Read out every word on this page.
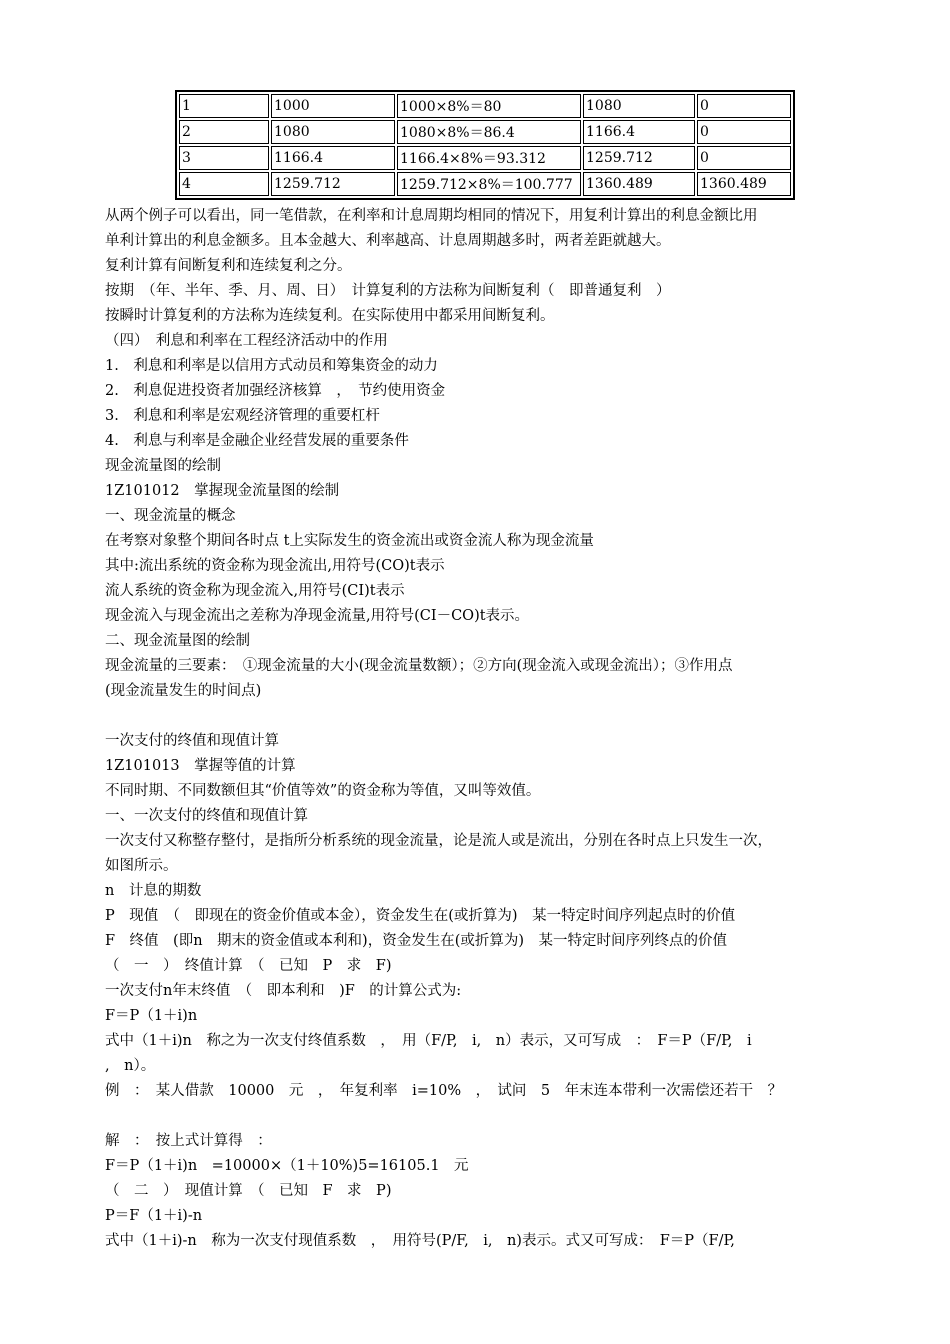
1	1000	1000×8%＝80	1080	0
2	1080	1080×8%＝86.4	1166.4	0
3	1166.4	1166.4×8%＝93.312	1259.712	0
4	1259.712	1259.712×8%＝100.777	1360.489	1360.489
从两个例子可以看出，同一笔借款，在利率和计息周期均相同的情况下，用复利计算出的利息金额比用
单利计算出的利息金额多。且本金越大、利率越高、计息周期越多时，两者差距就越大。
复利计算有间断复利和连续复利之分。
按期　（年、半年、季、月、周、日）　计算复利的方法称为间断复利（　即普通复利　）
按瞬时计算复利的方法称为连续复利。在实际使用中都采用间断复利。
（四）　利息和利率在工程经济活动中的作用
1.　利息和利率是以信用方式动员和筹集资金的动力
2.　利息促进投资者加强经济核算　，　节约使用资金
3.　利息和利率是宏观经济管理的重要杠杆
4.　利息与利率是金融企业经营发展的重要条件
现金流量图的绘制
1Z101012　掌握现金流量图的绘制
一、现金流量的概念
在考察对象整个期间各时点 t上实际发生的资金流出或资金流人称为现金流量
其中:流出系统的资金称为现金流出,用符号(CO)t表示
流人系统的资金称为现金流入,用符号(CI)t表示
现金流入与现金流出之差称为净现金流量,用符号(CI－CO)t表示。
二、现金流量图的绘制
现金流量的三要素：　①现金流量的大小(现金流量数额）；②方向(现金流入或现金流出）；③作用点
(现金流量发生的时间点)
一次支付的终值和现值计算
1Z101013　掌握等值的计算
不同时期、不同数额但其“价值等效”的资金称为等值，又叫等效值。
一、一次支付的终值和现值计算
一次支付又称整存整付，是指所分析系统的现金流量，论是流人或是流出，分别在各时点上只发生一次，
如图所示。
n　计息的期数
P　现值　（　即现在的资金价值或本金），资金发生在(或折算为)　某一特定时间序列起点时的价值
F　终值　(即n　期末的资金值或本利和)，资金发生在(或折算为)　某一特定时间序列终点的价值
（　一　）　终值计算　（　已知　P　求　F)
一次支付n年末终值　（　即本利和　)F　的计算公式为:
F＝P（1＋i)n
式中（1＋i)n　称之为一次支付终值系数　，　用（F/P,　i,　n）表示，又可写成　：　F＝P（F/P,　i
,　n）。
例　：　某人借款　10000　元　，　年复利率　i=10%　，　试问　5　年末连本带利一次需偿还若干　？
解　：　按上式计算得　：
F＝P（1＋i)n　=10000×（1＋10%)5=16105.1　元
（　二　）　现值计算　（　已知　F　求　P)
P＝F（1＋i)-n
式中（1＋i)-n　称为一次支付现值系数　，　用符号(P/F,　i,　n)表示。式又可写成：　F＝P（F/P,
